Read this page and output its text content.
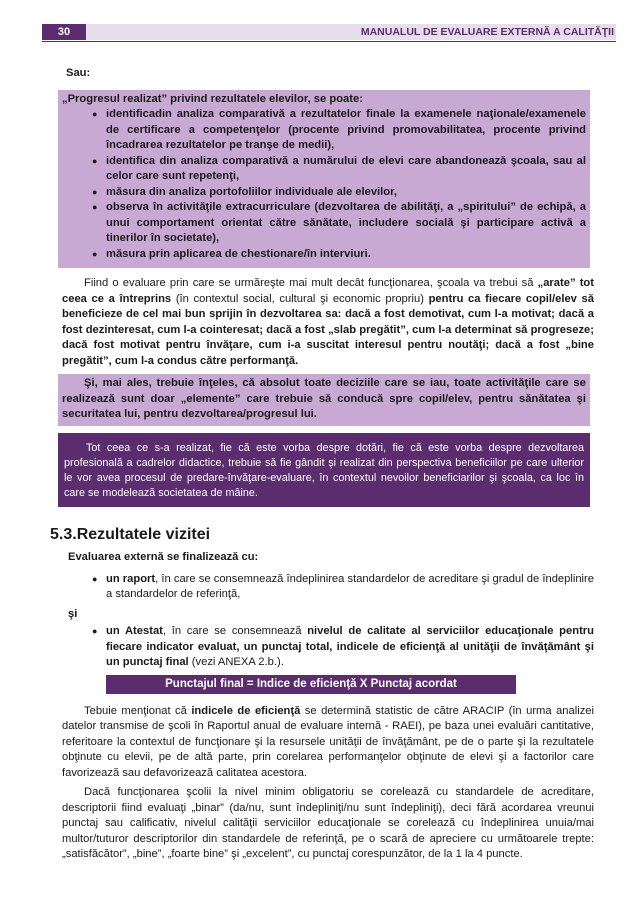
30	MANUALUL DE EVALUARE EXTERNĂ A CALITĂŢII
Sau:
„Progresul realizat” privind rezultatele elevilor, se poate:
● identificadin analiza comparativă a rezultatelor finale la examenele naţionale/examenele de certificare a competenţelor (procente privind promovabilitatea, procente privind încadrarea rezultatelor pe tranşe de medii),
● identifica din analiza comparativă a numărului de elevi care abandonează şcoala, sau al celor care sunt repetenţi,
● măsura din analiza portofoliilor individuale ale elevilor,
● observa în activităţile extracurriculare (dezvoltarea de abilităţi, a „spiritului” de echipă, a unui comportament orientat către sănătate, includere socială şi participare activă a tinerilor în societate),
● măsura prin aplicarea de chestionare/în interviuri.

Fiind o evaluare prin care se urmăreşte mai mult decât funcţionarea, şcoala va trebui să „arate” tot ceea ce a întreprins (în contextul social, cultural şi economic propriu) pentru ca fiecare copil/elev să beneficieze de cel mai bun sprijin în dezvoltarea sa: dacă a fost demotivat, cum l-a motivat; dacă a fost dezinteresat, cum l-a cointeresat; dacă a fost „slab pregătit”, cum l-a determinat să progreseze; dacă fost motivat pentru învăţare, cum i-a suscitat interesul pentru noutăţi; dacă a fost „bine pregătit”, cum l-a condus către performanţă.

Şi, mai ales, trebuie înţeles, că absolut toate deciziile care se iau, toate activităţile care se realizează sunt doar „elemente” care trebuie să conducă spre copil/elev, pentru sănătatea şi securitatea lui, pentru dezvoltarea/progresul lui.

Tot ceea ce s-a realizat, fie că este vorba despre dotări, fie că este vorba despre dezvoltarea profesională a cadrelor didactice, trebuie să fie gândit şi realizat din perspectiva beneficiilor pe care ulterior le vor avea procesul de predare-învăţare-evaluare, în contextul nevoilor beneficiarilor şi şcoala, ca loc în care se modelează societatea de mâine.

5.3.Rezultatele vizitei
Evaluarea externă se finalizează cu:
● un raport, în care se consemnează îndeplinirea standardelor de acreditare şi gradul de îndeplinire a standardelor de referinţă,
şi
● un Atestat, în care se consemnează nivelul de calitate al serviciilor educaţionale pentru fiecare indicator evaluat, un punctaj total, indicele de eficienţă al unităţii de învăţământ şi un punctaj final (vezi ANEXA 2.b.).
Punctajul final = Indice de eficienţă X Punctaj acordat

Tebuie menţionat că indicele de eficienţă se determină statistic de către ARACIP (în urma analizei datelor transmise de şcoli în Raportul anual de evaluare internă - RAEI), pe baza unei evaluări cantitative, referitoare la contextul de funcţionare şi la resursele unităţii de învăţământ, pe de o parte şi la rezultatele obţinute cu elevii, pe de altă parte, prin corelarea performanţelor obţinute de elevi şi a factorilor care favorizează sau defavorizează calitatea acestora.

Dacă funcţionarea şcolii la nivel minim obligatoriu se corelează cu standardele de acreditare, descriptorii fiind evaluaţi „binar” (da/nu, sunt îndepliniţi/nu sunt îndepliniţi), deci fără acordarea vreunui punctaj sau calificativ, nivelul calităţii serviciilor educaţionale se corelează cu îndeplinirea unuia/mai multor/tuturor descriptorilor din standardele de referinţă, pe o scară de apreciere cu următoarele trepte: „satisfăcător”, „bine”, „foarte bine” şi „excelent”, cu punctaj corespunzător, de la 1 la 4 puncte.
